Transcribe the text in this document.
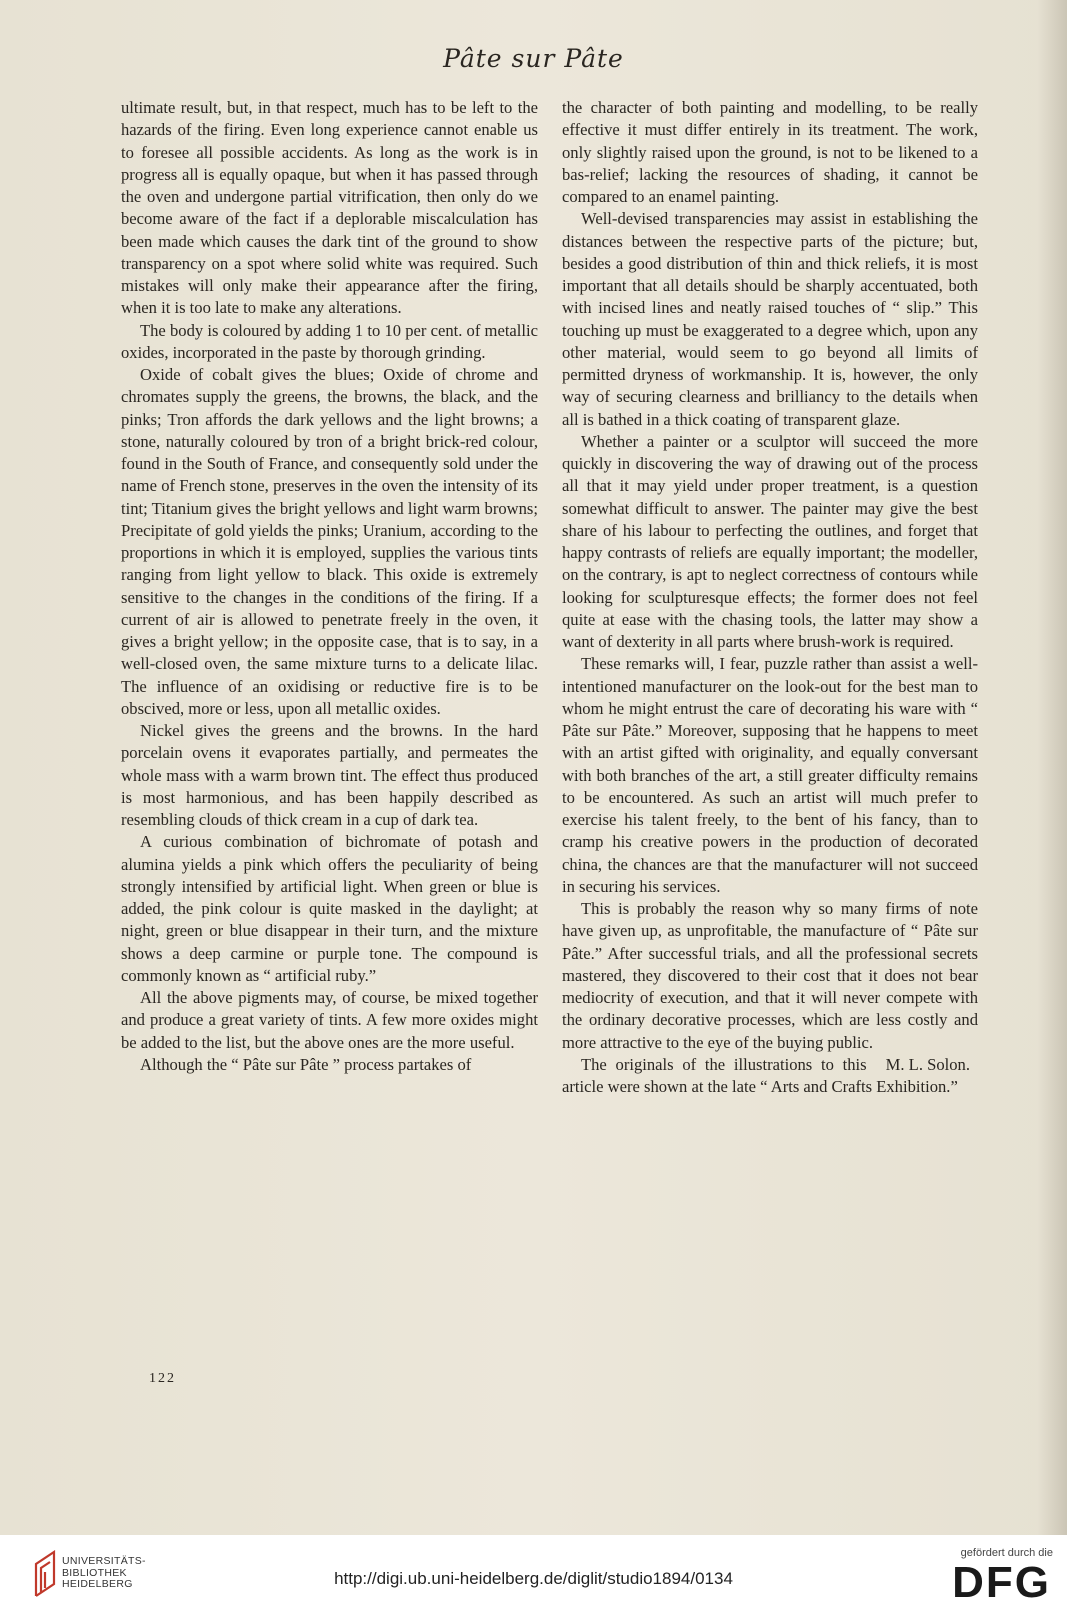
Pâte sur Pâte

ultimate result, but, in that respect, much has to be left to the hazards of the firing. Even long experience cannot enable us to foresee all possible accidents. As long as the work is in progress all is equally opaque, but when it has passed through the oven and undergone partial vitrification, then only do we become aware of the fact if a deplorable miscalculation has been made which causes the dark tint of the ground to show transparency on a spot where solid white was required. Such mistakes will only make their appearance after the firing, when it is too late to make any alterations.

The body is coloured by adding 1 to 10 per cent. of metallic oxides, incorporated in the paste by thorough grinding.

Oxide of cobalt gives the blues; Oxide of chrome and chromates supply the greens, the browns, the black, and the pinks; Tron affords the dark yellows and the light browns; a stone, naturally coloured by tron of a bright brick-red colour, found in the South of France, and consequently sold under the name of French stone, preserves in the oven the intensity of its tint; Titanium gives the bright yellows and light warm browns; Precipitate of gold yields the pinks; Uranium, according to the proportions in which it is employed, supplies the various tints ranging from light yellow to black. This oxide is extremely sensitive to the changes in the conditions of the firing. If a current of air is allowed to penetrate freely in the oven, it gives a bright yellow; in the opposite case, that is to say, in a well-closed oven, the same mixture turns to a delicate lilac. The influence of an oxidising or reductive fire is to be obscived, more or less, upon all metallic oxides.

Nickel gives the greens and the browns. In the hard porcelain ovens it evaporates partially, and permeates the whole mass with a warm brown tint. The effect thus produced is most harmonious, and has been happily described as resembling clouds of thick cream in a cup of dark tea.

A curious combination of bichromate of potash and alumina yields a pink which offers the peculiarity of being strongly intensified by artificial light. When green or blue is added, the pink colour is quite masked in the daylight; at night, green or blue disappear in their turn, and the mixture shows a deep carmine or purple tone. The compound is commonly known as “ artificial ruby.”

All the above pigments may, of course, be mixed together and produce a great variety of tints. A few more oxides might be added to the list, but the above ones are the more useful.

Although the “ Pâte sur Pâte ” process partakes of

the character of both painting and modelling, to be really effective it must differ entirely in its treatment. The work, only slightly raised upon the ground, is not to be likened to a bas-relief; lacking the resources of shading, it cannot be compared to an enamel painting.

Well-devised transparencies may assist in establishing the distances between the respective parts of the picture; but, besides a good distribution of thin and thick reliefs, it is most important that all details should be sharply accentuated, both with incised lines and neatly raised touches of “ slip.” This touching up must be exaggerated to a degree which, upon any other material, would seem to go beyond all limits of permitted dryness of workmanship. It is, however, the only way of securing clearness and brilliancy to the details when all is bathed in a thick coating of transparent glaze.

Whether a painter or a sculptor will succeed the more quickly in discovering the way of drawing out of the process all that it may yield under proper treatment, is a question somewhat difficult to answer. The painter may give the best share of his labour to perfecting the outlines, and forget that happy contrasts of reliefs are equally important; the modeller, on the contrary, is apt to neglect correctness of contours while looking for sculpturesque effects; the former does not feel quite at ease with the chasing tools, the latter may show a want of dexterity in all parts where brush-work is required.

These remarks will, I fear, puzzle rather than assist a well-intentioned manufacturer on the look-out for the best man to whom he might entrust the care of decorating his ware with “ Pâte sur Pâte.” Moreover, supposing that he happens to meet with an artist gifted with originality, and equally conversant with both branches of the art, a still greater difficulty remains to be encountered. As such an artist will much prefer to exercise his talent freely, to the bent of his fancy, than to cramp his creative powers in the production of decorated china, the chances are that the manufacturer will not succeed in securing his services.

This is probably the reason why so many firms of note have given up, as unprofitable, the manufacture of “ Pâte sur Pâte.” After successful trials, and all the professional secrets mastered, they discovered to their cost that it does not bear mediocrity of execution, and that it will never compete with the ordinary decorative processes, which are less costly and more attractive to the eye of the buying public.
M. L. Solon.

The originals of the illustrations to this article were shown at the late “ Arts and Crafts Exhibition.”

122
UNIVERSITÄTS-
BIBLIOTHEK
HEIDELBERG	http://digi.ub.uni-heidelberg.de/diglit/studio1894/0134
gefördert durch die
DFG
